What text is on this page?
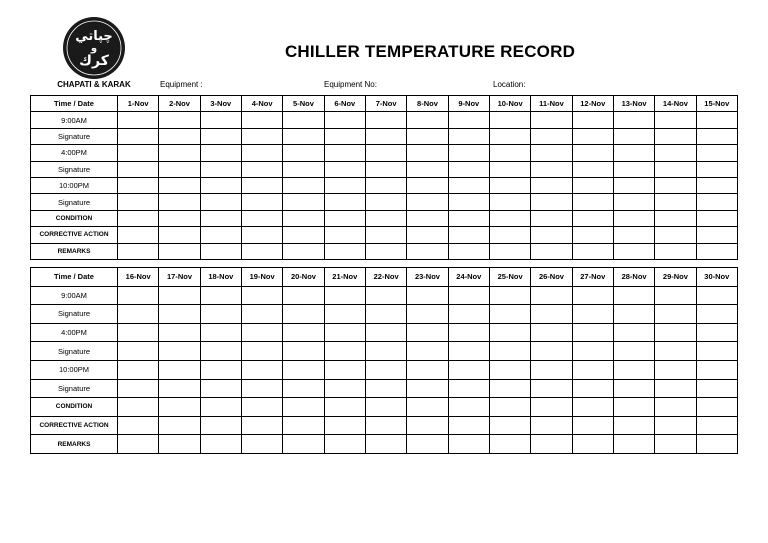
چپاتي
و
كرك	CHILLER TEMPERATURE RECORD
CHAPATI & KARAK	Equipment :	Equipment No:	Location:
Time / Date	1-Nov	2-Nov	3-Nov	4-Nov	5-Nov	6-Nov	7-Nov	8-Nov	9-Nov	10-Nov	11-Nov	12-Nov	13-Nov	14-Nov	15-Nov
9:00AM															
Signature															
4:00PM															
Signature															
10:00PM															
Signature															
CONDITION															
CORRECTIVE ACTION															
REMARKS															
Time / Date	16-Nov	17-Nov	18-Nov	19-Nov	20-Nov	21-Nov	22-Nov	23-Nov	24-Nov	25-Nov	26-Nov	27-Nov	28-Nov	29-Nov	30-Nov
9:00AM															
Signature															
4:00PM															
Signature															
10:00PM															
Signature															
CONDITION															
CORRECTIVE ACTION															
REMARKS															
